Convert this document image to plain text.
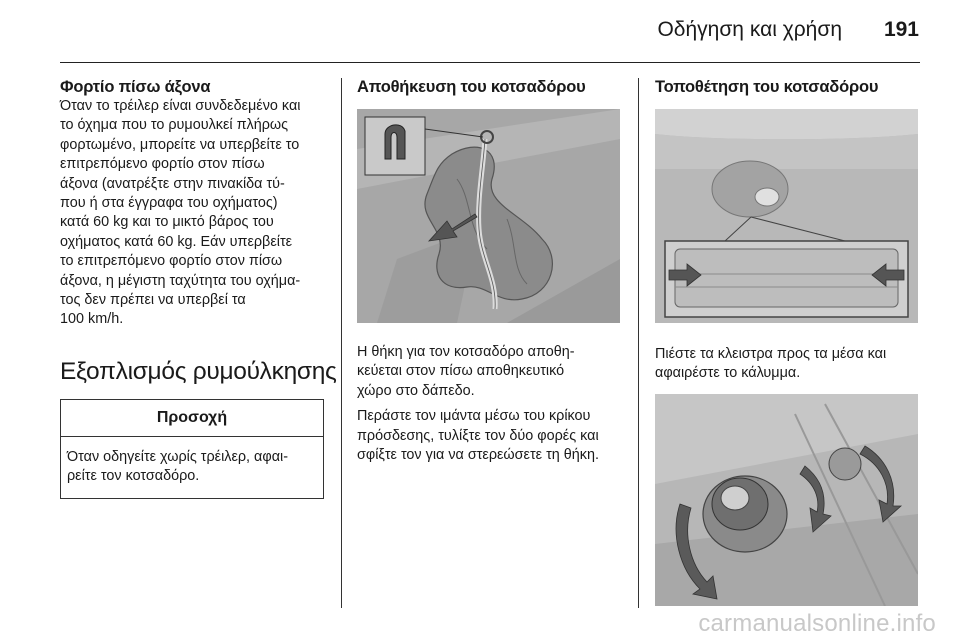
Οδήγηση και χρήση 191
Φορτίο πίσω άξονα
Όταν το τρέιλερ είναι συνδεδεμένο και
το όχημα που το ρυμουλκεί πλήρως
φορτωμένο, μπορείτε να υπερβείτε το
επιτρεπόμενο φορτίο στον πίσω
άξονα (ανατρέξτε στην πινακίδα τύ‑
που ή στα έγγραφα του οχήματος)
κατά 60 kg και το μικτό βάρος του
οχήματος κατά 60 kg. Εάν υπερβείτε
το επιτρεπόμενο φορτίο στον πίσω
άξονα, η μέγιστη ταχύτητα του οχήμα‑
τος δεν πρέπει να υπερβεί τα
100 km/h.
Εξοπλισμός ρυμούλκησης
Προσοχή
Όταν οδηγείτε χωρίς τρέιλερ, αφαι‑
ρείτε τον κοτσαδόρο.
Αποθήκευση του κοτσαδόρου
Η θήκη για τον κοτσαδόρο αποθη‑
κεύεται στον πίσω αποθηκευτικό
χώρο στο δάπεδο.
Περάστε τον ιμάντα μέσω του κρίκου
πρόσδεσης, τυλίξτε τον δύο φορές και
σφίξτε τον για να στερεώσετε τη θήκη.
Τοποθέτηση του κοτσαδόρου
Πιέστε τα κλειστρα προς τα μέσα και
αφαιρέστε το κάλυμμα.
carmanualsonline.info
